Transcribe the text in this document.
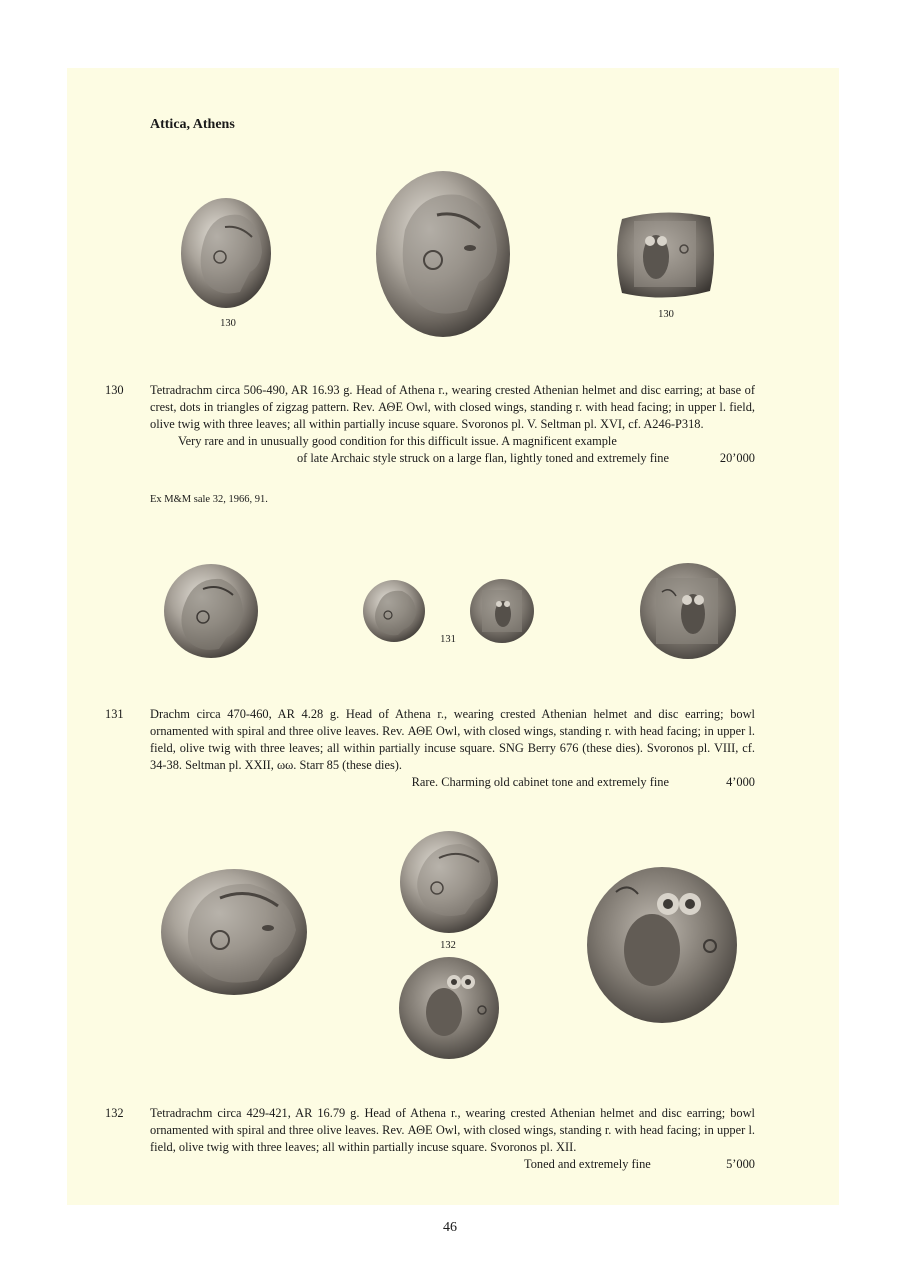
Attica, Athens
130
130
130 Tetradrachm circa 506-490, AR 16.93 g. Head of Athena r., wearing crested Athenian helmet and disc earring; at base of crest, dots in triangles of zigzag pattern. Rev. ΑΘΕ Owl, with closed wings, standing r. with head facing; in upper l. field, olive twig with three leaves; all within partially incuse square. Svoronos pl. V. Seltman pl. XVI, cf. A246-P318.

Very rare and in unusually good condition for this difficult issue. A magnificent example

of late Archaic style struck on a large flan, lightly toned and extremely fine	20’000
Ex M&M sale 32, 1966, 91.
131
131 Drachm circa 470-460, AR 4.28 g. Head of Athena r., wearing crested Athenian helmet and disc earring; bowl ornamented with spiral and three olive leaves. Rev. ΑΘΕ Owl, with closed wings, standing r. with head facing; in upper l. field, olive twig with three leaves; all within partially incuse square. SNG Berry 676 (these dies). Svoronos pl. VIII, cf. 34-38. Seltman pl. XXII, ωω. Starr 85 (these dies).

Rare. Charming old cabinet tone and extremely fine	4’000
132
132 Tetradrachm circa 429-421, AR 16.79 g. Head of Athena r., wearing crested Athenian helmet and disc earring; bowl ornamented with spiral and three olive leaves. Rev. ΑΘΕ Owl, with closed wings, standing r. with head facing; in upper l. field, olive twig with three leaves; all within partially incuse square. Svoronos pl. XII.

Toned and extremely fine	5’000
46
